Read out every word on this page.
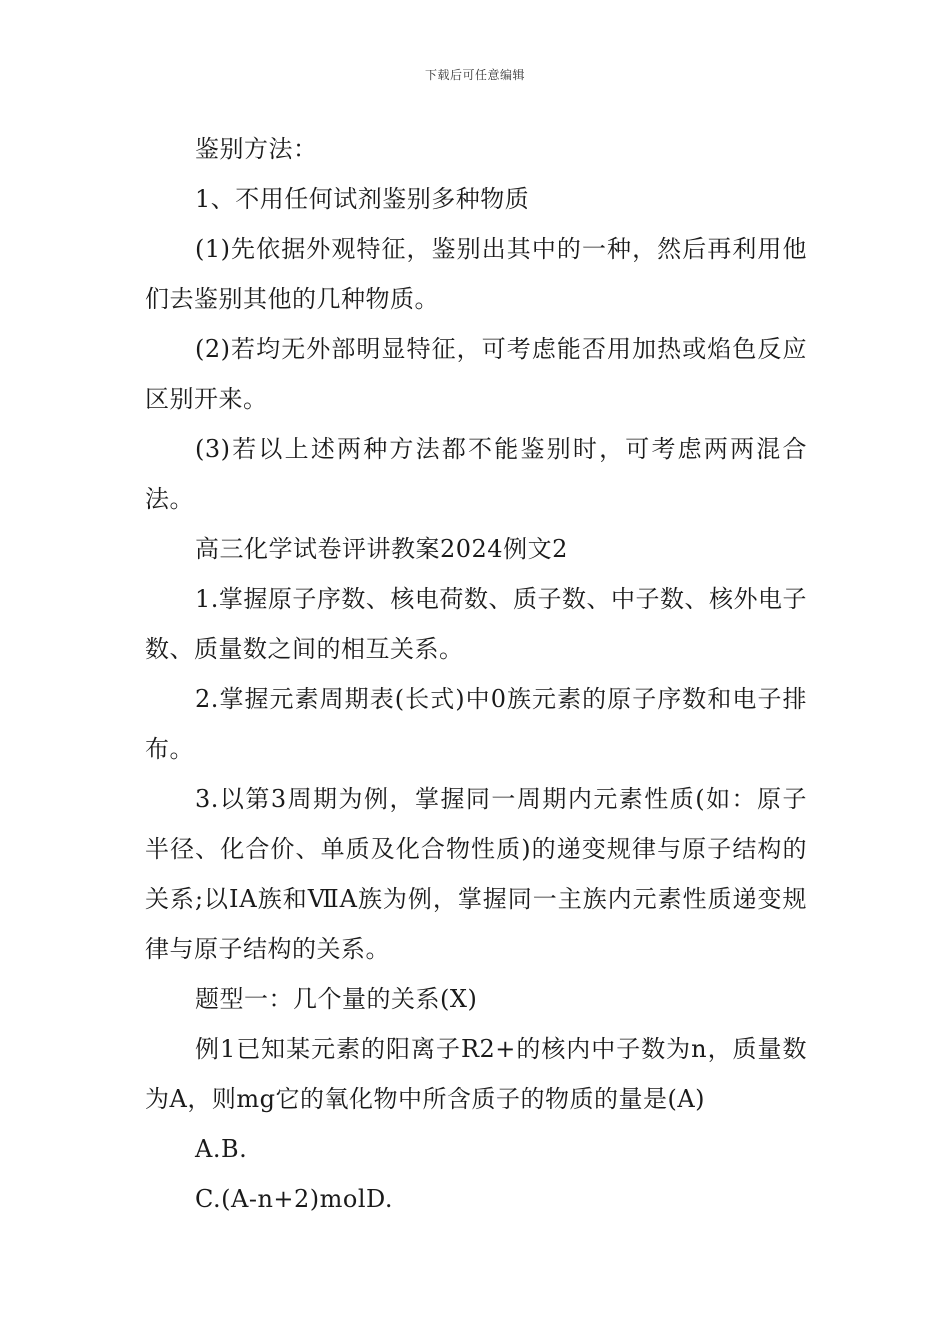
下载后可任意编辑

鉴别方法：

1、不用任何试剂鉴别多种物质

(1)先依据外观特征，鉴别出其中的一种，然后再利用他们去鉴别其他的几种物质。

(2)若均无外部明显特征，可考虑能否用加热或焰色反应区别开来。

(3)若以上述两种方法都不能鉴别时，可考虑两两混合法。

高三化学试卷评讲教案2024例文2

1.掌握原子序数、核电荷数、质子数、中子数、核外电子数、质量数之间的相互关系。

2.掌握元素周期表(长式)中0族元素的原子序数和电子排布。

3.以第3周期为例，掌握同一周期内元素性质(如：原子半径、化合价、单质及化合物性质)的递变规律与原子结构的关系;以ⅠA族和ⅦA族为例，掌握同一主族内元素性质递变规律与原子结构的关系。

题型一：几个量的关系(X)

例1已知某元素的阳离子R2+的核内中子数为n，质量数为A，则mg它的氧化物中所含质子的物质的量是(A)

A.B.

C.(A-n+2)molD.
